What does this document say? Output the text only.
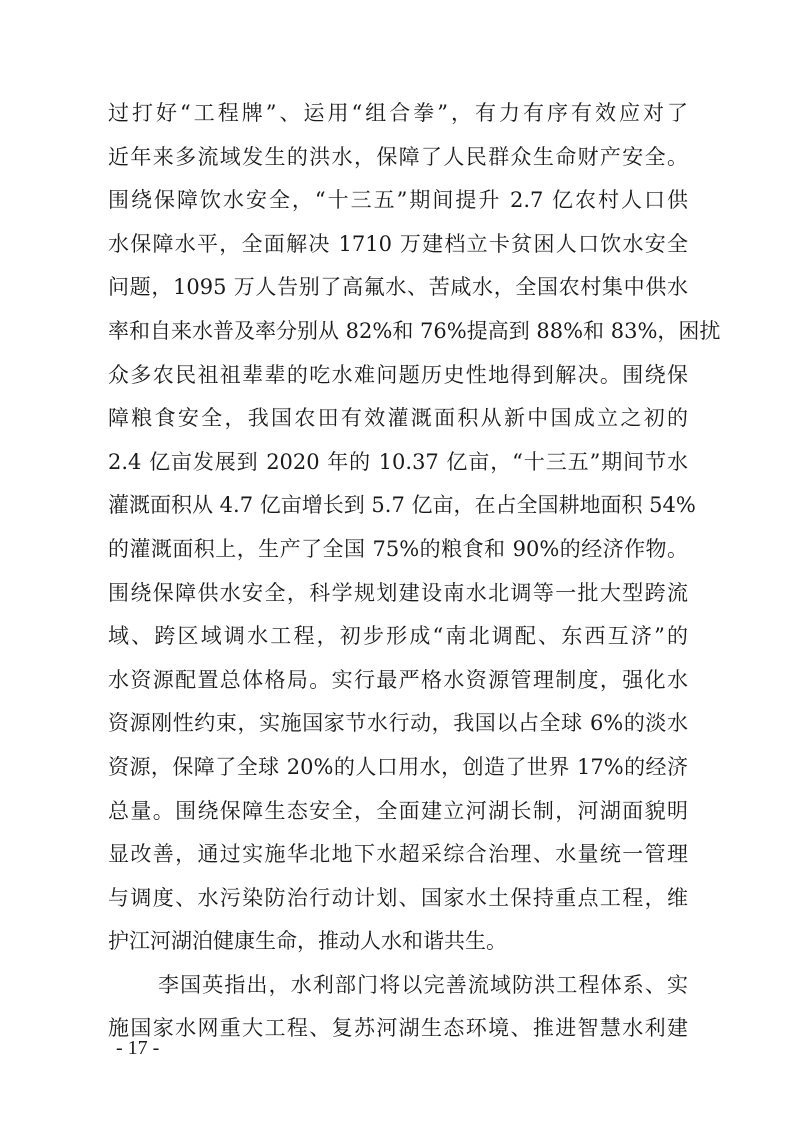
过打好“工程牌”、运用“组合拳”，有力有序有效应对了
近年来多流域发生的洪水，保障了人民群众生命财产安全。
围绕保障饮水安全，“十三五”期间提升 2.7 亿农村人口供
水保障水平，全面解决 1710 万建档立卡贫困人口饮水安全
问题，1095 万人告别了高氟水、苦咸水，全国农村集中供水
率和自来水普及率分别从 82%和 76%提高到 88%和 83%，困扰
众多农民祖祖辈辈的吃水难问题历史性地得到解决。围绕保
障粮食安全，我国农田有效灌溉面积从新中国成立之初的
2.4 亿亩发展到 2020 年的 10.37 亿亩，“十三五”期间节水
灌溉面积从 4.7 亿亩增长到 5.7 亿亩，在占全国耕地面积 54%
的灌溉面积上，生产了全国 75%的粮食和 90%的经济作物。
围绕保障供水安全，科学规划建设南水北调等一批大型跨流
域、跨区域调水工程，初步形成“南北调配、东西互济”的
水资源配置总体格局。实行最严格水资源管理制度，强化水
资源刚性约束，实施国家节水行动，我国以占全球 6%的淡水
资源，保障了全球 20%的人口用水，创造了世界 17%的经济
总量。围绕保障生态安全，全面建立河湖长制，河湖面貌明
显改善，通过实施华北地下水超采综合治理、水量统一管理
与调度、水污染防治行动计划、国家水土保持重点工程，维
护江河湖泊健康生命，推动人水和谐共生。
李国英指出，水利部门将以完善流域防洪工程体系、实
施国家水网重大工程、复苏河湖生态环境、推进智慧水利建
- 17 -
